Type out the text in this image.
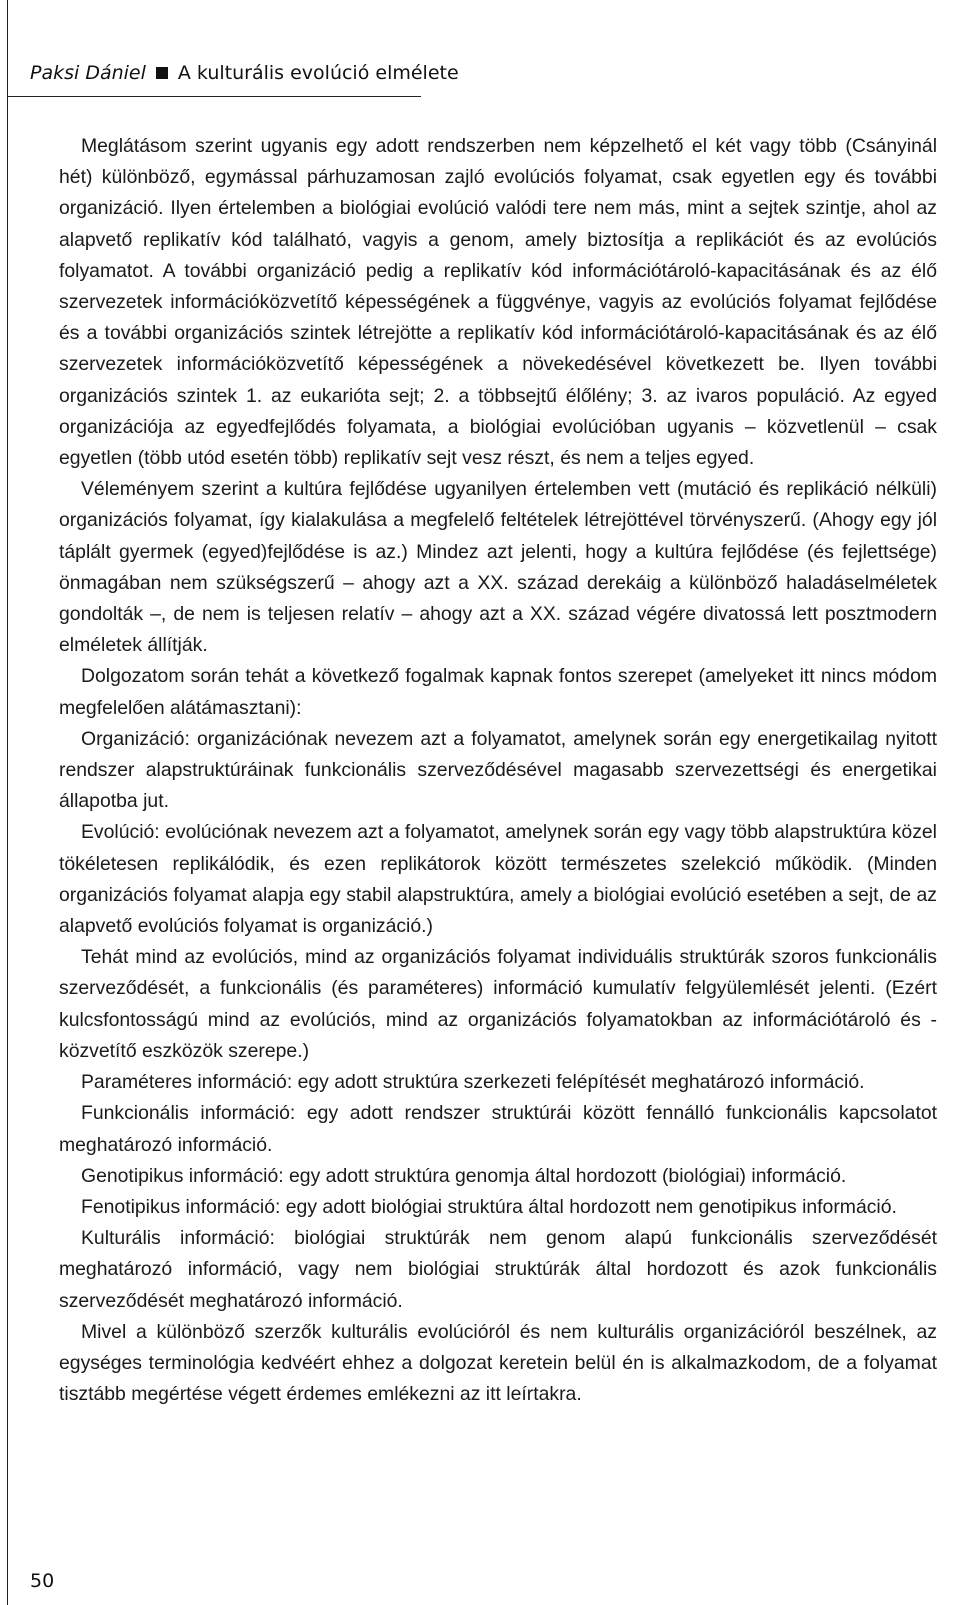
Paksi Dániel A kulturális evolúció elmélete

Meglátásom szerint ugyanis egy adott rendszerben nem képzelhető el két vagy több (Csányinál hét) különböző, egymással párhuzamosan zajló evolúciós folyamat, csak egyetlen egy és további organizáció. Ilyen értelemben a biológiai evolúció valódi tere nem más, mint a sejtek szintje, ahol az alapvető replikatív kód található, vagyis a genom, amely biztosítja a replikációt és az evolúciós folyamatot. A további organizáció pedig a replikatív kód információtároló-kapacitásának és az élő szervezetek információközvetítő képességének a függvénye, vagyis az evolúciós folyamat fejlődése és a további organizációs szintek létrejötte a replikatív kód információtároló-kapacitásának és az élő szervezetek információközvetítő képességének a növekedésével következett be. Ilyen további organizációs szintek 1. az eukarióta sejt; 2. a többsejtű élőlény; 3. az ivaros populáció. Az egyed organizációja az egyedfejlődés folyamata, a biológiai evolúcióban ugyanis – közvetlenül – csak egyetlen (több utód esetén több) replikatív sejt vesz részt, és nem a teljes egyed.

Véleményem szerint a kultúra fejlődése ugyanilyen értelemben vett (mutáció és replikáció nélküli) organizációs folyamat, így kialakulása a megfelelő feltételek létrejöttével törvényszerű. (Ahogy egy jól táplált gyermek (egyed)fejlődése is az.) Mindez azt jelenti, hogy a kultúra fejlődése (és fejlettsége) önmagában nem szükségszerű – ahogy azt a XX. század derekáig a különböző haladáselméletek gondolták –, de nem is teljesen relatív – ahogy azt a XX. század végére divatossá lett posztmodern elméletek állítják.

Dolgozatom során tehát a következő fogalmak kapnak fontos szerepet (amelyeket itt nincs módom megfelelően alátámasztani):

Organizáció: organizációnak nevezem azt a folyamatot, amelynek során egy energetikailag nyitott rendszer alapstruktúráinak funkcionális szerveződésével magasabb szervezettségi és energetikai állapotba jut.

Evolúció: evolúciónak nevezem azt a folyamatot, amelynek során egy vagy több alapstruktúra közel tökéletesen replikálódik, és ezen replikátorok között természetes szelekció működik. (Minden organizációs folyamat alapja egy stabil alapstruktúra, amely a biológiai evolúció esetében a sejt, de az alapvető evolúciós folyamat is organizáció.)

Tehát mind az evolúciós, mind az organizációs folyamat individuális struktúrák szoros funkcionális szerveződését, a funkcionális (és paraméteres) információ kumulatív felgyülemlését jelenti. (Ezért kulcsfontosságú mind az evolúciós, mind az organizációs folyamatokban az információtároló és -közvetítő eszközök szerepe.)

Paraméteres információ: egy adott struktúra szerkezeti felépítését meghatározó információ.

Funkcionális információ: egy adott rendszer struktúrái között fennálló funkcionális kapcsolatot meghatározó információ.

Genotipikus információ: egy adott struktúra genomja által hordozott (biológiai) információ.

Fenotipikus információ: egy adott biológiai struktúra által hordozott nem genotipikus információ.

Kulturális információ: biológiai struktúrák nem genom alapú funkcionális szerveződését meghatározó információ, vagy nem biológiai struktúrák által hordozott és azok funkcionális szerveződését meghatározó információ.

Mivel a különböző szerzők kulturális evolúcióról és nem kulturális organizációról beszélnek, az egységes terminológia kedvéért ehhez a dolgozat keretein belül én is alkalmazkodom, de a folyamat tisztább megértése végett érdemes emlékezni az itt leírtakra.

50
